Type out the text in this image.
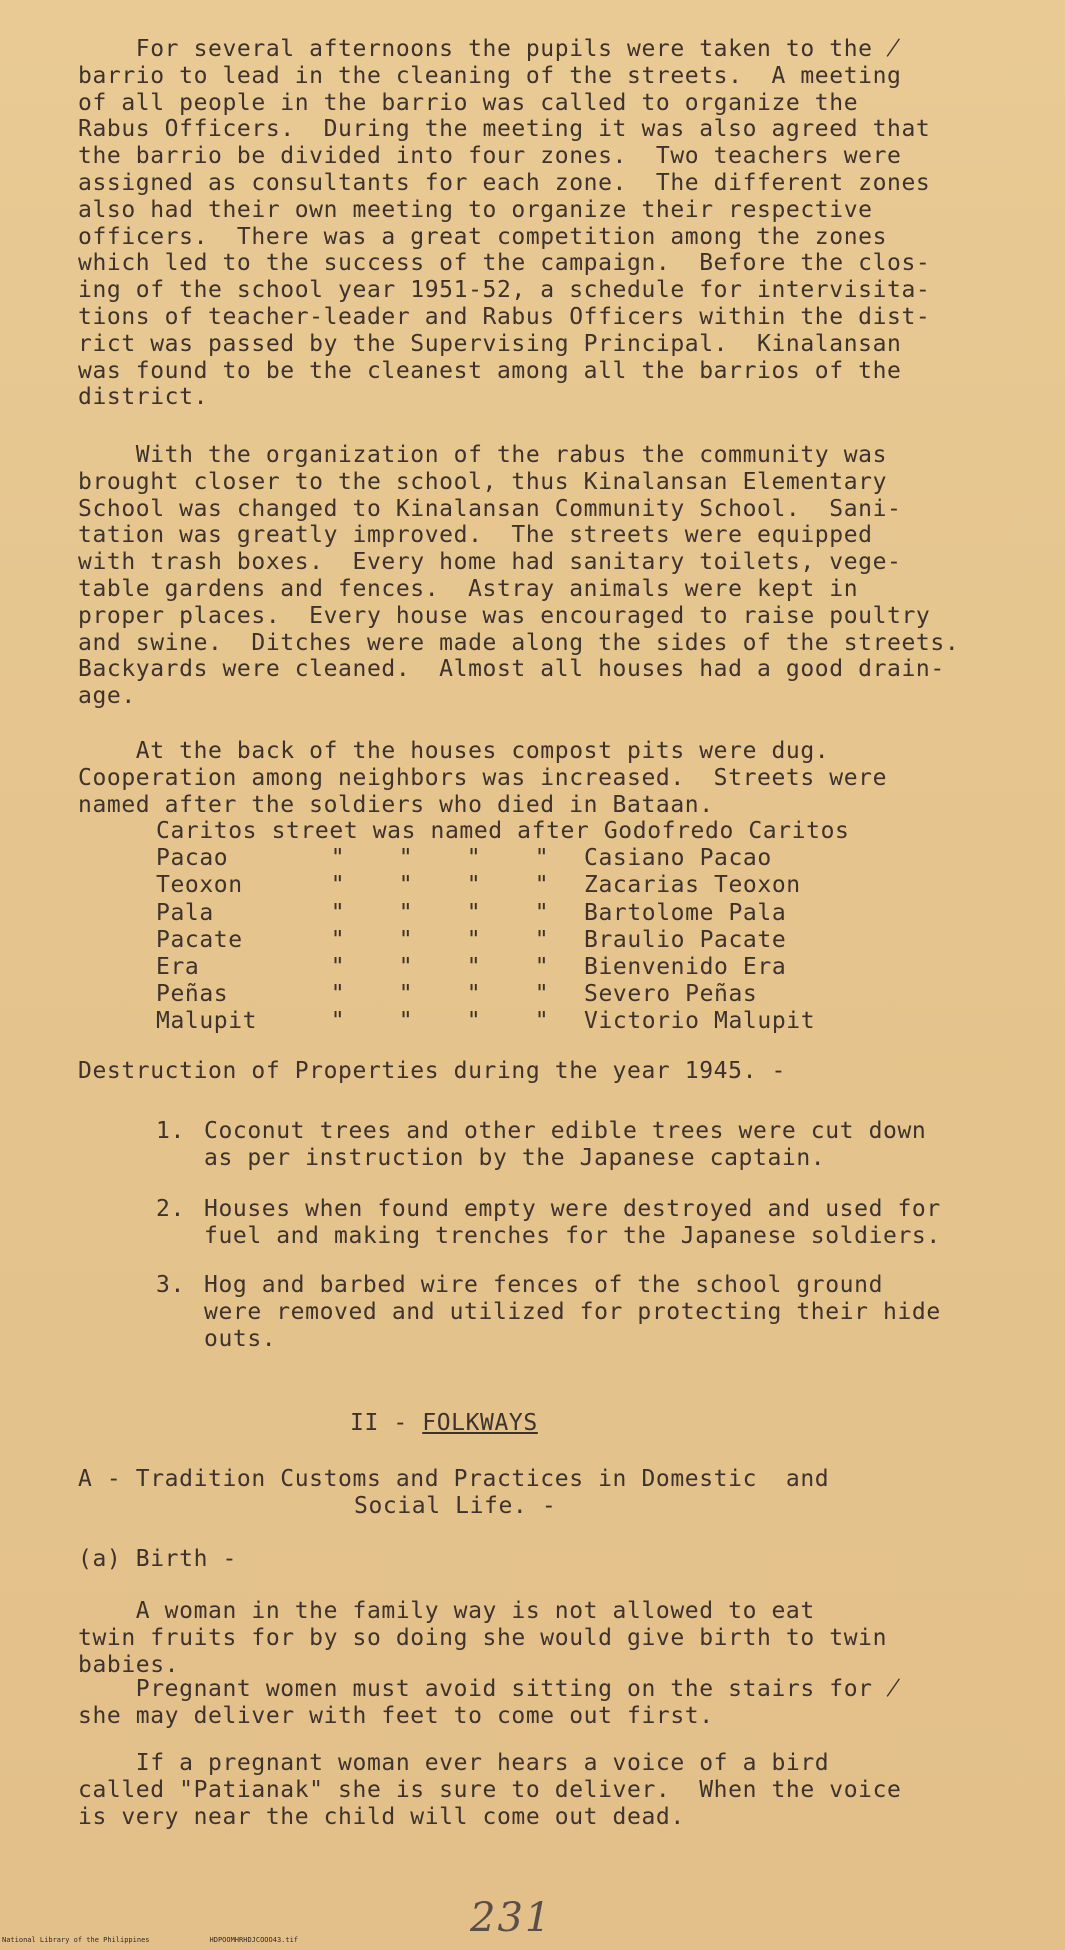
For several afternoons the pupils were taken to the ̸
barrio to lead in the cleaning of the streets.  A meeting
of all people in the barrio was called to organize the
Rabus Officers.  During the meeting it was also agreed that
the barrio be divided into four zones.  Two teachers were
assigned as consultants for each zone.  The different zones
also had their own meeting to organize their respective
officers.  There was a great competition among the zones
which led to the success of the campaign.  Before the clos-
ing of the school year 1951-52, a schedule for intervisita-
tions of teacher-leader and Rabus Officers within the dist-
rict was passed by the Supervising Principal.  Kinalansan
was found to be the cleanest among all the barrios of the
district.
With the organization of the rabus the community was
brought closer to the school, thus Kinalansan Elementary
School was changed to Kinalansan Community School.  Sani-
tation was greatly improved.  The streets were equipped
with trash boxes.  Every home had sanitary toilets, vege-
table gardens and fences.  Astray animals were kept in
proper places.  Every house was encouraged to raise poultry
and swine.  Ditches were made along the sides of the streets.
Backyards were cleaned.  Almost all houses had a good drain-
age.
At the back of the houses compost pits were dug.
Cooperation among neighbors was increased.  Streets were
named after the soldiers who died in Bataan.
Caritos street was named after Godofredo Caritos
Pacao	"	"	"	"	Casiano Pacao
Teoxon	"	"	"	"	Zacarias Teoxon
Pala	"	"	"	"	Bartolome Pala
Pacate	"	"	"	"	Braulio Pacate
Era	"	"	"	"	Bienvenido Era
Peñas	"	"	"	"	Severo Peñas
Malupit	"	"	"	"	Victorio Malupit
Destruction of Properties during the year 1945. -
1. Coconut trees and other edible trees were cut down
as per instruction by the Japanese captain.
2. Houses when found empty were destroyed and used for
fuel and making trenches for the Japanese soldiers.
3. Hog and barbed wire fences of the school ground
were removed and utilized for protecting their hide
outs.
II - FOLKWAYS
A - Tradition Customs and Practices in Domestic  and
Social Life. -
(a) Birth -
A woman in the family way is not allowed to eat
twin fruits for by so doing she would give birth to twin
babies.
Pregnant women must avoid sitting on the stairs for ̸
she may deliver with feet to come out first.
If a pregnant woman ever hears a voice of a bird
called "Patianak" she is sure to deliver.  When the voice
is very near the child will come out dead.
231
National Library of the Philippines	HDPOOMHRHDJCOOO43.tif
